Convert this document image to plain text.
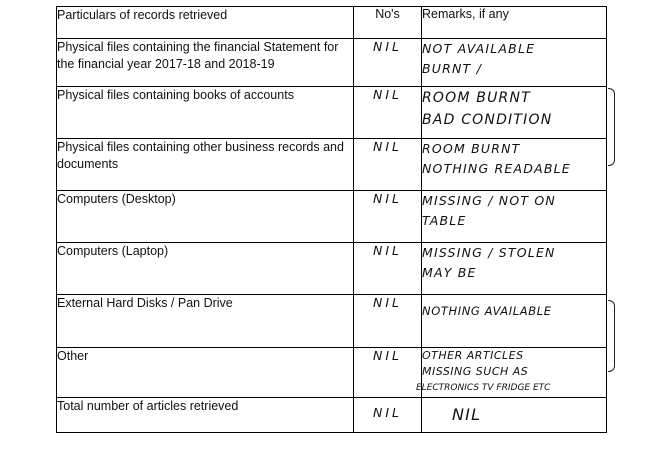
Particulars of records retrieved	No's	Remarks, if any
Physical files containing the financial Statement for the financial year 2017-18 and 2018-19	NIL	NOT AVAILABLE
BURNT /

Physical files containing books of accounts	NIL	ROOM BURNT
BAD CONDITION

Physical files containing other business records and documents	NIL	ROOM BURNT
NOTHING READABLE

Computers (Desktop)	NIL	MISSING / NOT ON
TABLE

Computers (Laptop)	NIL	MISSING / STOLEN
MAY BE

External Hard Disks / Pan Drive	NIL	NOTHING AVAILABLE

Other	NIL	OTHER ARTICLES
MISSING SUCH AS
ELECTRONICS TV FRIDGE ETC

Total number of articles retrieved	NIL	NIL
